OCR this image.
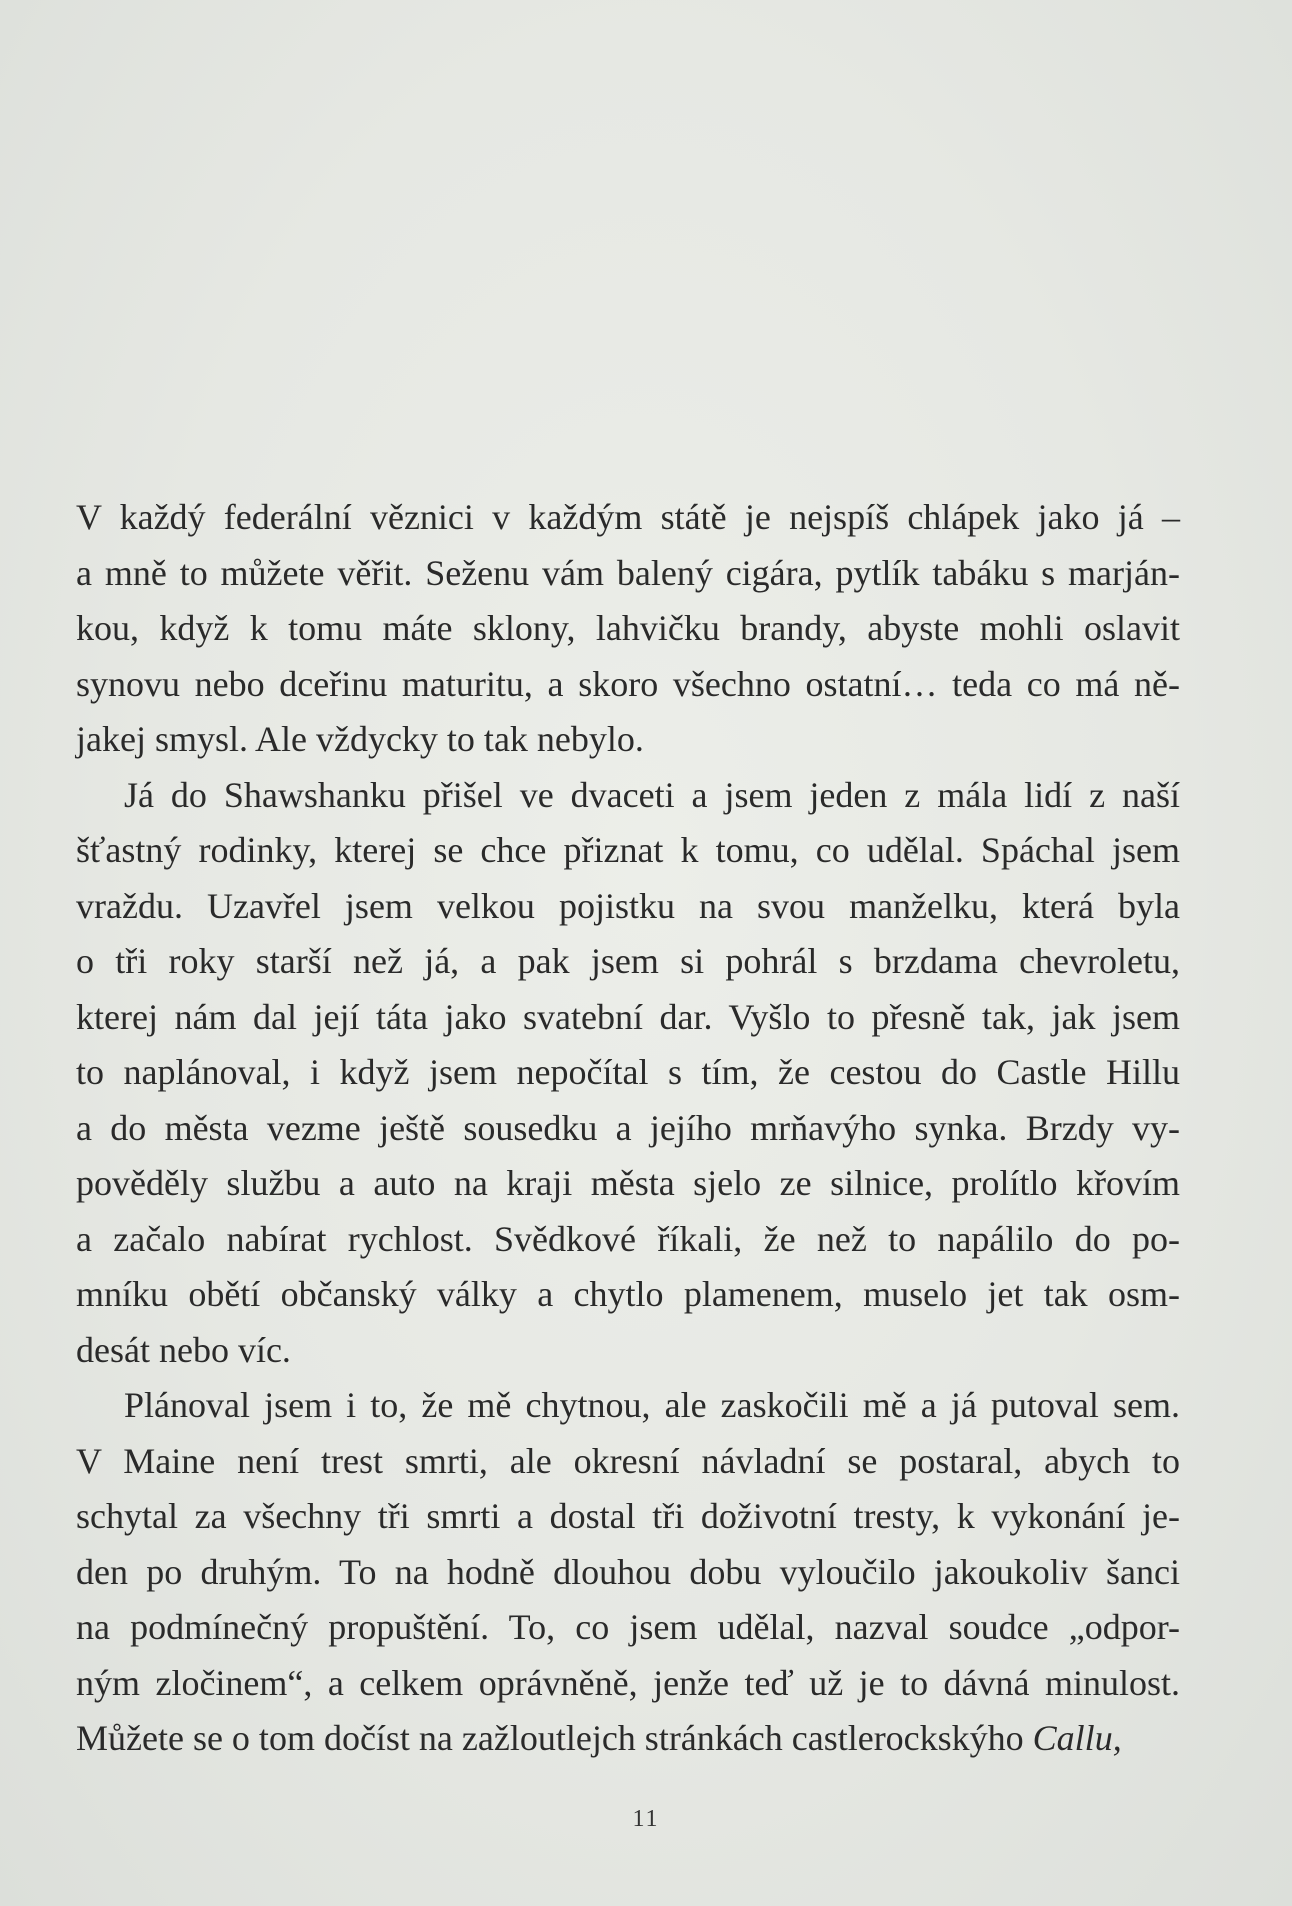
V každý federální věznici v každým státě je nejspíš chlápek jako já –
a mně to můžete věřit. Seženu vám balený cigára, pytlík tabáku s marján-
kou, když k tomu máte sklony, lahvičku brandy, abyste mohli oslavit
synovu nebo dceřinu maturitu, a skoro všechno ostatní… teda co má ně-
jakej smysl. Ale vždycky to tak nebylo.
Já do Shawshanku přišel ve dvaceti a jsem jeden z mála lidí z naší
šťastný rodinky, kterej se chce přiznat k tomu, co udělal. Spáchal jsem
vraždu. Uzavřel jsem velkou pojistku na svou manželku, která byla
o tři roky starší než já, a pak jsem si pohrál s brzdama chevroletu,
kterej nám dal její táta jako svatební dar. Vyšlo to přesně tak, jak jsem
to naplánoval, i když jsem nepočítal s tím, že cestou do Castle Hillu
a do města vezme ještě sousedku a jejího mrňavýho synka. Brzdy vy-
pověděly službu a auto na kraji města sjelo ze silnice, prolítlo křovím
a začalo nabírat rychlost. Svědkové říkali, že než to napálilo do po-
mníku obětí občanský války a chytlo plamenem, muselo jet tak osm-
desát nebo víc.
Plánoval jsem i to, že mě chytnou, ale zaskočili mě a já putoval sem.
V Maine není trest smrti, ale okresní návladní se postaral, abych to
schytal za všechny tři smrti a dostal tři doživotní tresty, k vykonání je-
den po druhým. To na hodně dlouhou dobu vyloučilo jakoukoliv šanci
na podmínečný propuštění. To, co jsem udělal, nazval soudce „odpor-
ným zločinem“, a celkem oprávněně, jenže teď už je to dávná minulost.
Můžete se o tom dočíst na zažloutlejch stránkách castlerockskýho Callu,
11
